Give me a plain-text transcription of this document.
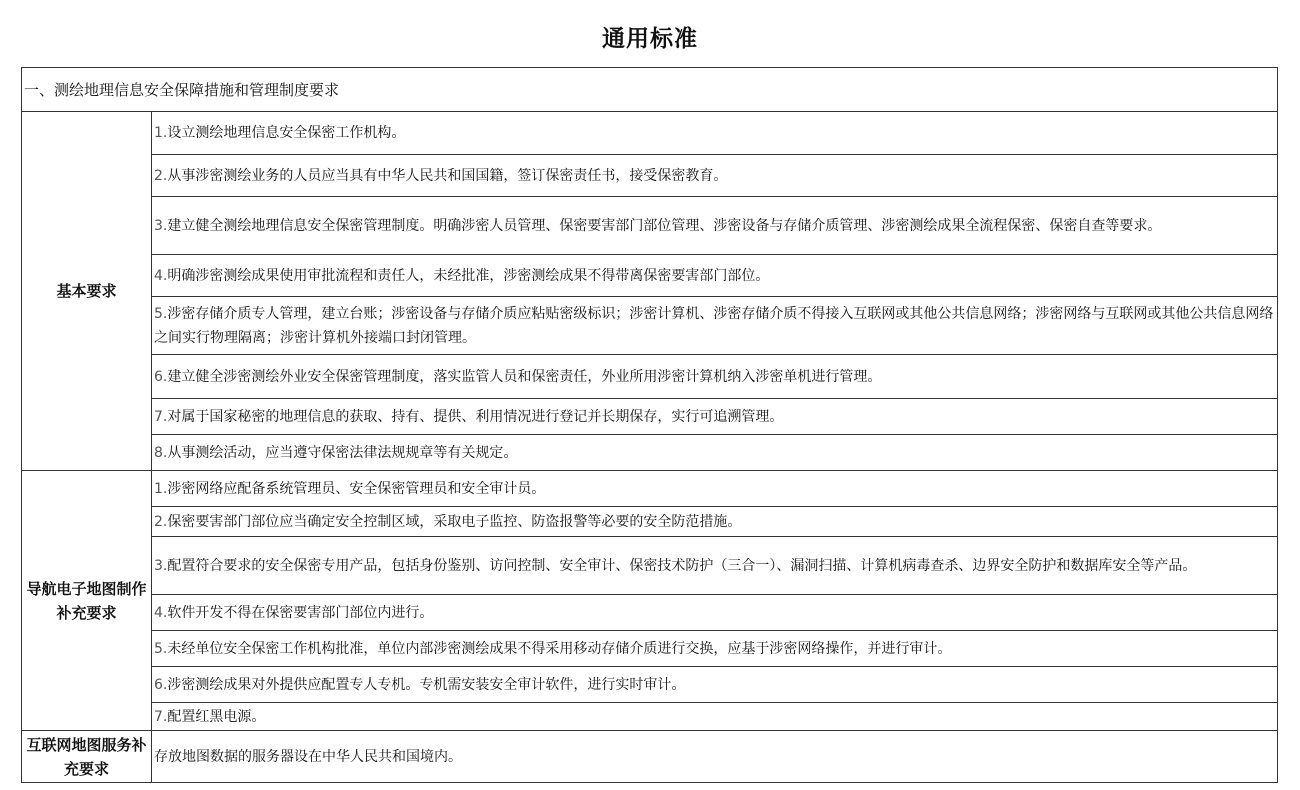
通用标准
一、测绘地理信息安全保障措施和管理制度要求	
基本要求	1.设立测绘地理信息安全保密工作机构。
	2.从事涉密测绘业务的人员应当具有中华人民共和国国籍，签订保密责任书，接受保密教育。
	3.建立健全测绘地理信息安全保密管理制度。明确涉密人员管理、保密要害部门部位管理、涉密设备与存储介质管理、涉密测绘成果全流程保密、保密自查等要求。
	4.明确涉密测绘成果使用审批流程和责任人，未经批准，涉密测绘成果不得带离保密要害部门部位。
	5.涉密存储介质专人管理，建立台账；涉密设备与存储介质应粘贴密级标识；涉密计算机、涉密存储介质不得接入互联网或其他公共信息网络；涉密网络与互联网或其他公共信息网络之间实行物理隔离；涉密计算机外接端口封闭管理。
	6.建立健全涉密测绘外业安全保密管理制度，落实监管人员和保密责任，外业所用涉密计算机纳入涉密单机进行管理。
	7.对属于国家秘密的地理信息的获取、持有、提供、利用情况进行登记并长期保存，实行可追溯管理。
	8.从事测绘活动，应当遵守保密法律法规规章等有关规定。
导航电子地图制作补充要求	1.涉密网络应配备系统管理员、安全保密管理员和安全审计员。
	2.保密要害部门部位应当确定安全控制区域，采取电子监控、防盗报警等必要的安全防范措施。
	3.配置符合要求的安全保密专用产品，包括身份鉴别、访问控制、安全审计、保密技术防护（三合一）、漏洞扫描、计算机病毒查杀、边界安全防护和数据库安全等产品。
	4.软件开发不得在保密要害部门部位内进行。
	5.未经单位安全保密工作机构批准，单位内部涉密测绘成果不得采用移动存储介质进行交换，应基于涉密网络操作，并进行审计。
	6.涉密测绘成果对外提供应配置专人专机。专机需安装安全审计软件，进行实时审计。
	7.配置红黑电源。
互联网地图服务补充要求	存放地图数据的服务器设在中华人民共和国境内。
